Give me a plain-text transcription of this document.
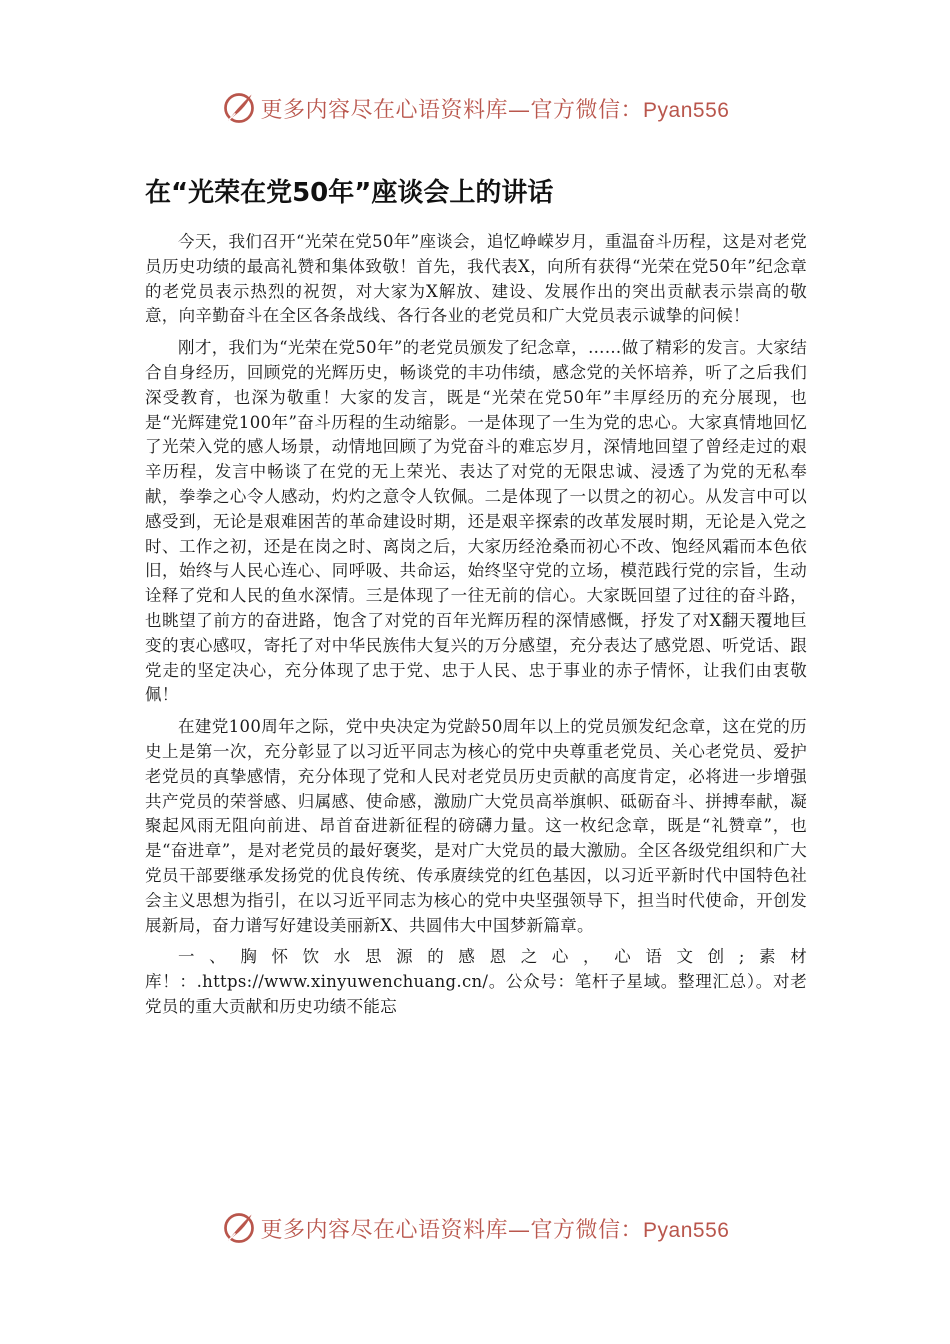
更多内容尽在心语资料库—官方微信：Pyan556
在“光荣在党50年”座谈会上的讲话

今天，我们召开“光荣在党50年”座谈会，追忆峥嵘岁月，重温奋斗历程，这是对老党员历史功绩的最高礼赞和集体致敬！首先，我代表X，向所有获得“光荣在党50年”纪念章的老党员表示热烈的祝贺，对大家为X解放、建设、发展作出的突出贡献表示崇高的敬意，向辛勤奋斗在全区各条战线、各行各业的老党员和广大党员表示诚挚的问候！

刚才，我们为“光荣在党50年”的老党员颁发了纪念章，……做了精彩的发言。大家结合自身经历，回顾党的光辉历史，畅谈党的丰功伟绩，感念党的关怀培养，听了之后我们深受教育，也深为敬重！大家的发言，既是“光荣在党50年”丰厚经历的充分展现，也是“光辉建党100年”奋斗历程的生动缩影。一是体现了一生为党的忠心。大家真情地回忆了光荣入党的感人场景，动情地回顾了为党奋斗的难忘岁月，深情地回望了曾经走过的艰辛历程，发言中畅谈了在党的无上荣光、表达了对党的无限忠诚、浸透了为党的无私奉献，拳拳之心令人感动，灼灼之意令人钦佩。二是体现了一以贯之的初心。从发言中可以感受到，无论是艰难困苦的革命建设时期，还是艰辛探索的改革发展时期，无论是入党之时、工作之初，还是在岗之时、离岗之后，大家历经沧桑而初心不改、饱经风霜而本色依旧，始终与人民心连心、同呼吸、共命运，始终坚守党的立场，模范践行党的宗旨，生动诠释了党和人民的鱼水深情。三是体现了一往无前的信心。大家既回望了过往的奋斗路，也眺望了前方的奋进路，饱含了对党的百年光辉历程的深情感慨，抒发了对X翻天覆地巨变的衷心感叹，寄托了对中华民族伟大复兴的万分感望，充分表达了感党恩、听党话、跟党走的坚定决心，充分体现了忠于党、忠于人民、忠于事业的赤子情怀，让我们由衷敬佩！

在建党100周年之际，党中央决定为党龄50周年以上的党员颁发纪念章，这在党的历史上是第一次，充分彰显了以习近平同志为核心的党中央尊重老党员、关心老党员、爱护老党员的真挚感情，充分体现了党和人民对老党员历史贡献的高度肯定，必将进一步增强共产党员的荣誉感、归属感、使命感，激励广大党员高举旗帜、砥砺奋斗、拼搏奉献，凝聚起风雨无阻向前进、昂首奋进新征程的磅礴力量。这一枚纪念章，既是“礼赞章”，也是“奋进章”，是对老党员的最好褒奖，是对广大党员的最大激励。全区各级党组织和广大党员干部要继承发扬党的优良传统、传承赓续党的红色基因，以习近平新时代中国特色社会主义思想为指引，在以习近平同志为核心的党中央坚强领导下，担当时代使命，开创发展新局，奋力谱写好建设美丽新X、共圆伟大中国梦新篇章。

一、胸怀饮水思源的感恩之心，心语文创;素材库！：.https://www.xinyuwenchuang.cn/。公众号：笔杆子星域。整理汇总）。对老党员的重大贡献和历史功绩不能忘

更多内容尽在心语资料库—官方微信：Pyan556
